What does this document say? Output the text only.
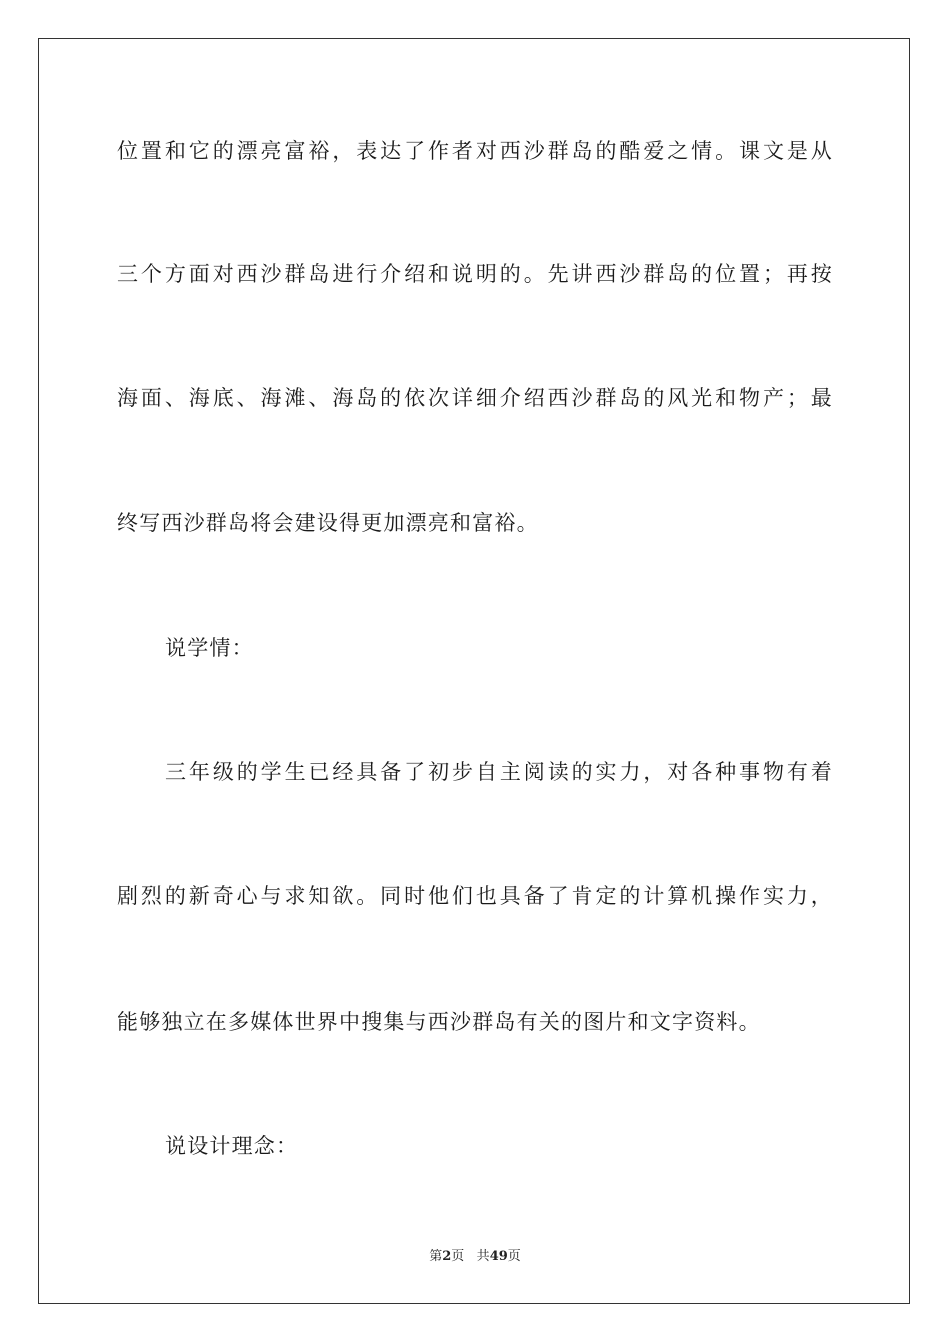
位置和它的漂亮富裕，表达了作者对西沙群岛的酷爱之情。课文是从
三个方面对西沙群岛进行介绍和说明的。先讲西沙群岛的位置；再按
海面、海底、海滩、海岛的依次详细介绍西沙群岛的风光和物产；最
终写西沙群岛将会建设得更加漂亮和富裕。
说学情：
三年级的学生已经具备了初步自主阅读的实力，对各种事物有着
剧烈的新奇心与求知欲。同时他们也具备了肯定的计算机操作实力，
能够独立在多媒体世界中搜集与西沙群岛有关的图片和文字资料。
说设计理念：
第2页 共49页
